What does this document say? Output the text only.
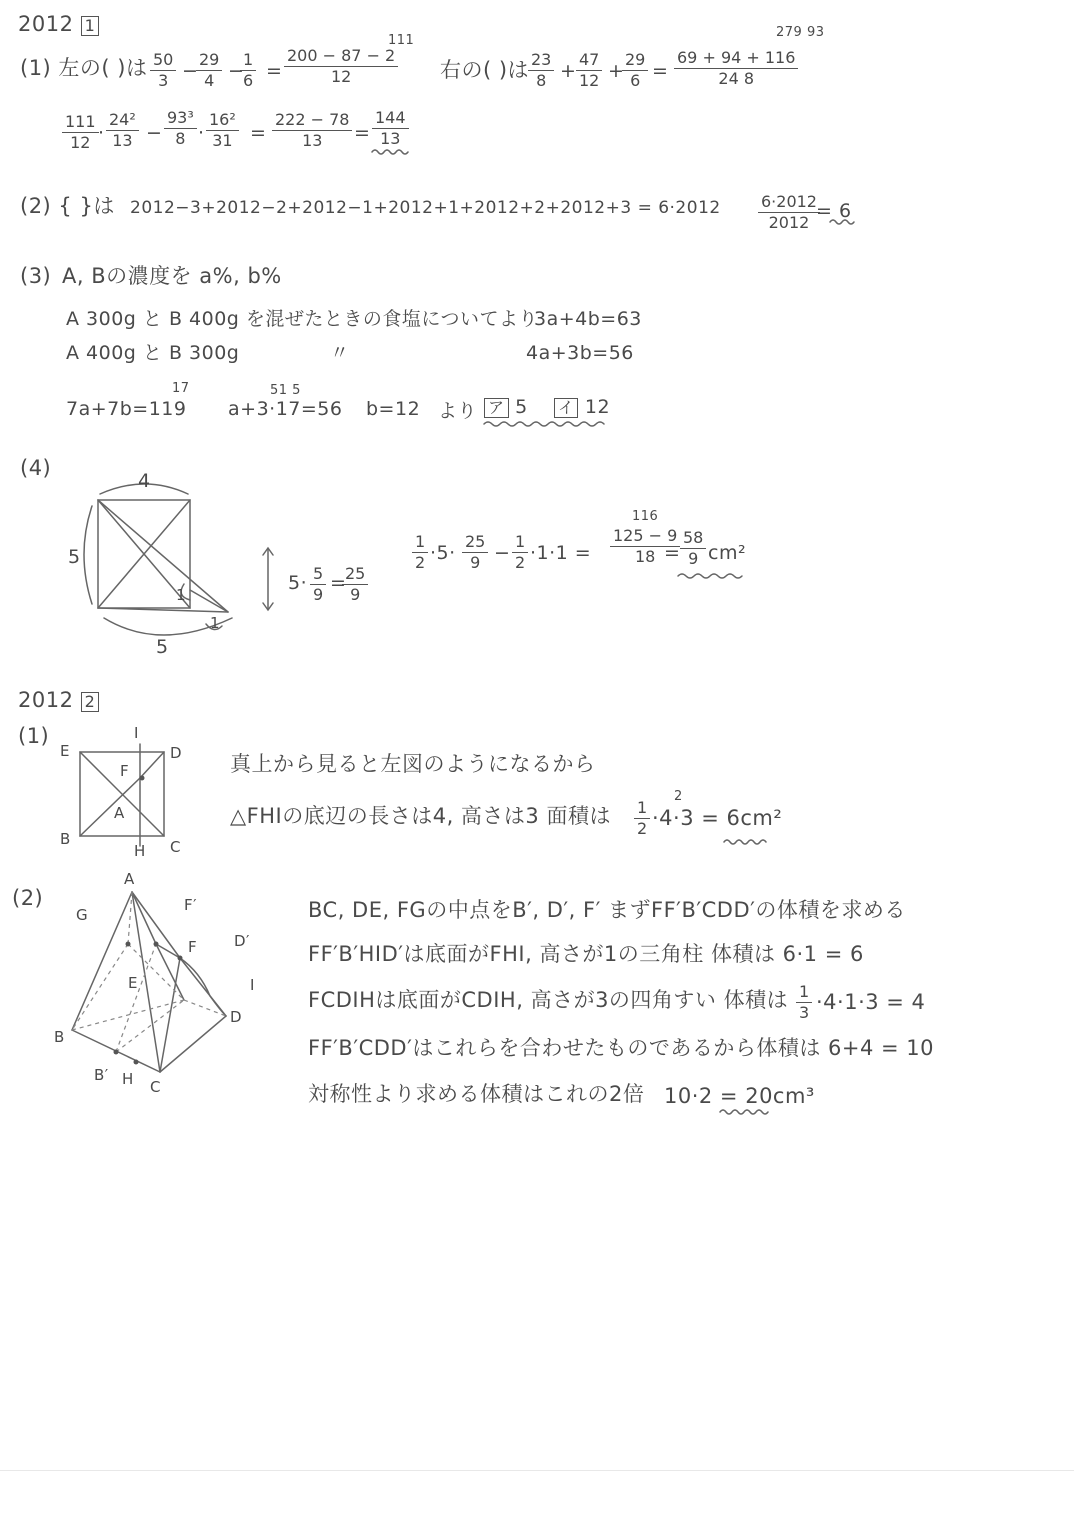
2012 1
(1) 左の( )は $\frac{50}{3}$ −
$\frac{29}{4}$ −
$\frac{1}{6}$ =
111
$\frac{200 - 87 - 2}{12}$ 右の( )は
$\frac{23}{8} + \frac{47}{12}$ +
$\frac{29}{6}$ =
279 93
$\frac{69 + 94 + 116}{24 8}$
$\frac{111}{12} \cdot \frac{\text{24²}}{13} - \frac{\text{93³}}{8} \cdot \frac{\text{16²}}{31} = \frac{222 - 78}{13} = \frac{144}{13}$
(2) { }は $2012-3+2012-2+2012-1+2012+1+2012+2+2012+3 = 6\cdot 2012 \frac{6\cdot 2012}{2012}$
= 6
(3) A, Bの濃度を a%, b%
A 300g と B 400g を混ぜたときの食塩についてより
3a+4b=63
A 400g と B 300g	〃	4a+3b=56
17
7a+7b=119
51 5
a+3·17=56 b=12 より ア 5 イ 12
(4)
4
5
5
1
1
$5\cdot \frac{5}{9}$ =
$\frac{25}{9}$
$\frac{1}{2} \cdot 5\cdot \frac{25}{9} - \frac{1}{2} \cdot 1\cdot 1$ =
116
$\frac{125 - 9}{18}$
= $\frac{58}{9} cm^2$
2012 2
(1)
E
I
D
F
A
B
H C
真上から見ると左図のようになるから
△FHIの底辺の長さは4, 高さは3 面積は
2
$\frac{1}{2} \cdot 4\cdot 3 = 6cm^2$
(2)
A
G
F′
F D′
E	I
D
B
B′ H C
BC, DE, FGの中点をB′, D′, F′ まずFF′B′CDD′の体積を求める
FF′B′HID′は底面がFHI, 高さが1の三角柱 体積は 6·1 = 6
FCDIHは底面がCDIH, 高さが3の四角すい 体積は $\frac{1}{3} \cdot 4\cdot 1\cdot 3 = 4$
FF′B′CDD′はこれらを合わせたものであるから体積は 6+4 = 10
対称性より求める体積はこれの2倍 10·2 = 20cm³
